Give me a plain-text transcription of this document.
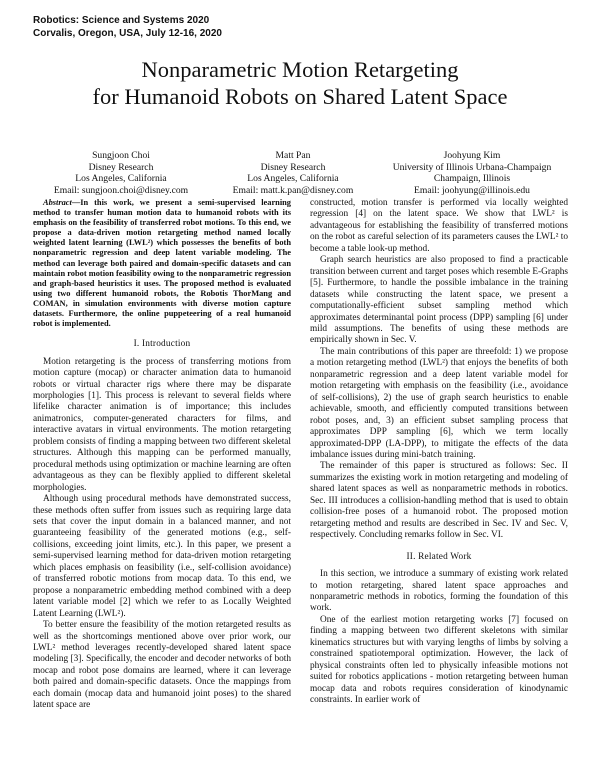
Robotics: Science and Systems 2020
Corvalis, Oregon, USA, July 12-16, 2020
Nonparametric Motion Retargeting
for Humanoid Robots on Shared Latent Space
Sungjoon Choi
Disney Research
Los Angeles, California
Email: sungjoon.choi@disney.com
Matt Pan
Disney Research
Los Angeles, California
Email: matt.k.pan@disney.com
Joohyung Kim
University of Illinois Urbana-Champaign
Champaign, Illinois
Email: joohyung@illinois.edu

Abstract—In this work, we present a semi-supervised learning method to transfer human motion data to humanoid robots with its emphasis on the feasibility of transferred robot motions. To this end, we propose a data-driven motion retargeting method named locally weighted latent learning (LWL²) which possesses the benefits of both nonparametric regression and deep latent variable modeling. The method can leverage both paired and domain-specific datasets and can maintain robot motion feasibility owing to the nonparametric regression and graph-based heuristics it uses. The proposed method is evaluated using two different humanoid robots, the Robotis ThorMang and COMAN, in simulation environments with diverse motion capture datasets. Furthermore, the online puppeteering of a real humanoid robot is implemented.

I. Introduction

Motion retargeting is the process of transferring motions from motion capture (mocap) or character animation data to humanoid robots or virtual character rigs where there may be disparate morphologies [1]. This process is relevant to several fields where lifelike character animation is of importance; this includes animatronics, computer-generated characters for films, and interactive avatars in virtual environments. The motion retargeting problem consists of finding a mapping between two different skeletal structures. Although this mapping can be performed manually, procedural methods using optimization or machine learning are often advantageous as they can be flexibly applied to different skeletal morphologies.

Although using procedural methods have demonstrated success, these methods often suffer from issues such as requiring large data sets that cover the input domain in a balanced manner, and not guaranteeing feasibility of the generated motions (e.g., self-collisions, exceeding joint limits, etc.). In this paper, we present a semi-supervised learning method for data-driven motion retargeting which places emphasis on feasibility (i.e., self-collision avoidance) of transferred robotic motions from mocap data. To this end, we propose a nonparametric embedding method combined with a deep latent variable model [2] which we refer to as Locally Weighted Latent Learning (LWL²).

To better ensure the feasibility of the motion retargeted results as well as the shortcomings mentioned above over prior work, our LWL² method leverages recently-developed shared latent space modeling [3]. Specifically, the encoder and decoder networks of both mocap and robot pose domains are learned, where it can leverage both paired and domain-specific datasets. Once the mappings from each domain (mocap data and humanoid joint poses) to the shared latent space are

constructed, motion transfer is performed via locally weighted regression [4] on the latent space. We show that LWL² is advantageous for establishing the feasibility of transferred motions on the robot as careful selection of its parameters causes the LWL² to become a table look-up method.

Graph search heuristics are also proposed to find a practicable transition between current and target poses which resemble E-Graphs [5]. Furthermore, to handle the possible imbalance in the training datasets while constructing the latent space, we present a computationally-efficient subset sampling method which approximates determinantal point process (DPP) sampling [6] under mild assumptions. The benefits of using these methods are empirically shown in Sec. V.

The main contributions of this paper are threefold: 1) we propose a motion retargeting method (LWL²) that enjoys the benefits of both nonparametric regression and a deep latent variable model for motion retargeting with emphasis on the feasibility (i.e., avoidance of self-collisions), 2) the use of graph search heuristics to enable achievable, smooth, and efficiently computed transitions between robot poses, and, 3) an efficient subset sampling process that approximates DPP sampling [6], which we term locally approximated-DPP (LA-DPP), to mitigate the effects of the data imbalance issues during mini-batch training.

The remainder of this paper is structured as follows: Sec. II summarizes the existing work in motion retargeting and modeling of shared latent spaces as well as nonparametric methods in robotics. Sec. III introduces a collision-handling method that is used to obtain collision-free poses of a humanoid robot. The proposed motion retargeting method and results are described in Sec. IV and Sec. V, respectively. Concluding remarks follow in Sec. VI.

II. Related Work

In this section, we introduce a summary of existing work related to motion retargeting, shared latent space approaches and nonparametric methods in robotics, forming the foundation of this work.

One of the earliest motion retargeting works [7] focused on finding a mapping between two different skeletons with similar kinematics structures but with varying lengths of limbs by solving a constrained spatiotemporal optimization. However, the lack of physical constraints often led to physically infeasible motions not suited for robotics applications - motion retargeting between human mocap data and robots requires consideration of kinodynamic constraints. In earlier work of
